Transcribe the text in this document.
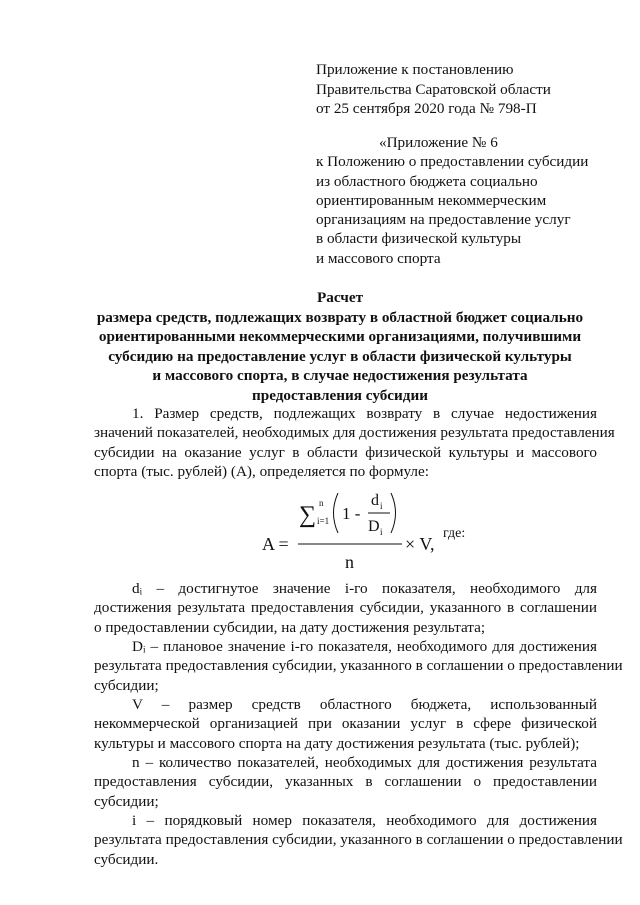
Приложение к постановлению
Правительства Саратовской области
от 25 сентября 2020 года № 798-П
«Приложение № 6
к Положению о предоставлении субсидии
из областного бюджета социально
ориентированным некоммерческим
организациям на предоставление услуг
в области физической культуры
и массового спорта
Расчет
размера средств, подлежащих возврату в областной бюджет социально
ориентированными некоммерческими организациями, получившими
субсидию на предоставление услуг в области физической культуры
и массового спорта, в случае недостижения результата
предоставления субсидии
1. Размер средств, подлежащих возврату в случае недостижения
значений показателей, необходимых для достижения результата предоставления
субсидии на оказание услуг в области физической культуры и массового
спорта (тыс. рублей) (A), определяется по формуле:
A =
∑ n
i=1 1 -
d i
D i
n
× V,
где:
dᵢ – достигнутое значение i-го показателя, необходимого для
достижения результата предоставления субсидии, указанного в соглашении
о предоставлении субсидии, на дату достижения результата;
Dᵢ – плановое значение i-го показателя, необходимого для достижения
результата предоставления субсидии, указанного в соглашении о предоставлении
субсидии;
V – размер средств областного бюджета, использованный
некоммерческой организацией при оказании услуг в сфере физической
культуры и массового спорта на дату достижения результата (тыс. рублей);
n – количество показателей, необходимых для достижения результата
предоставления субсидии, указанных в соглашении о предоставлении
субсидии;
i – порядковый номер показателя, необходимого для достижения
результата предоставления субсидии, указанного в соглашении о предоставлении
субсидии.
